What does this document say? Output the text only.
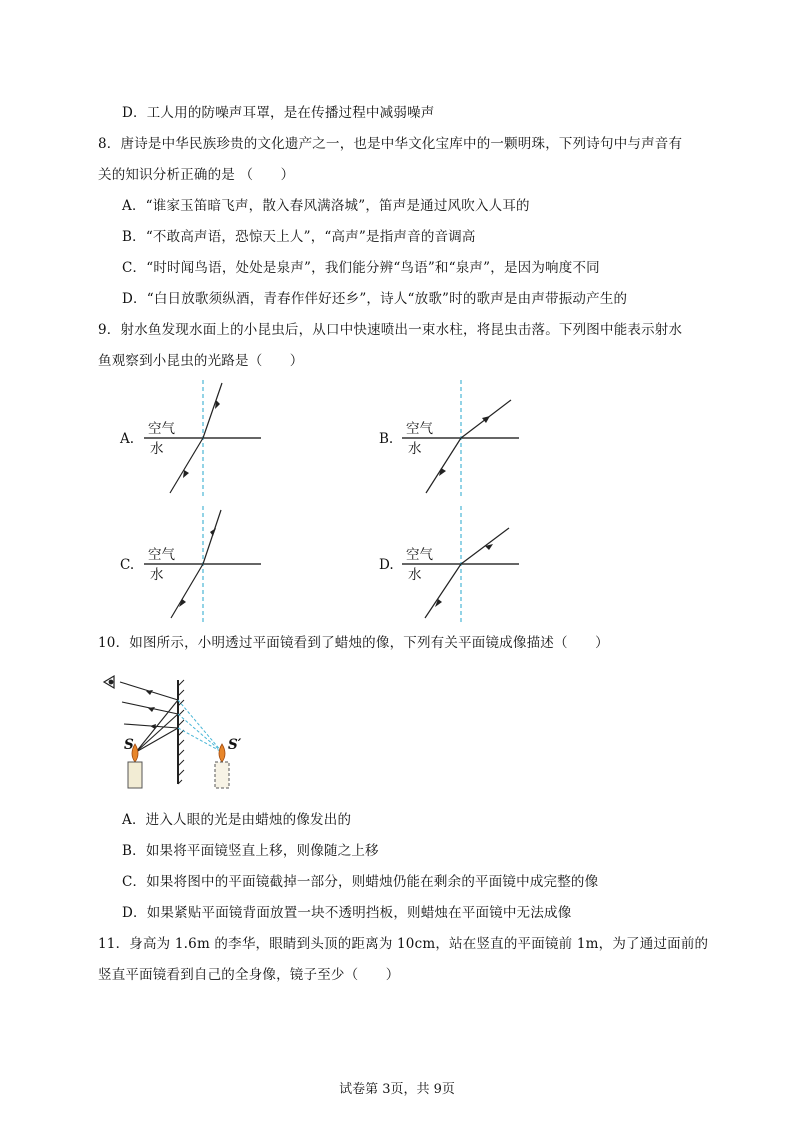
D．工人用的防噪声耳罩，是在传播过程中减弱噪声
8．唐诗是中华民族珍贵的文化遗产之一，也是中华文化宝库中的一颗明珠，下列诗句中与声音有
关的知识分析正确的是 （　　）
A．“谁家玉笛暗飞声，散入春风满洛城”，笛声是通过风吹入人耳的
B．“不敢高声语，恐惊天上人”，“高声”是指声音的音调高
C．“时时闻鸟语，处处是泉声”，我们能分辨“鸟语”和“泉声”，是因为响度不同
D．“白日放歌须纵酒，青春作伴好还乡”，诗人“放歌”时的歌声是由声带振动产生的
9．射水鱼发现水面上的小昆虫后，从口中快速喷出一束水柱，将昆虫击落。下列图中能表示射水
鱼观察到小昆虫的光路是（　　）
A.
空气
水
B.
空气
水
C.
空气
水
D.
空气
水
10．如图所示，小明透过平面镜看到了蜡烛的像，下列有关平面镜成像描述（　　）
S	S′
A．进入人眼的光是由蜡烛的像发出的
B．如果将平面镜竖直上移，则像随之上移
C．如果将图中的平面镜截掉一部分，则蜡烛仍能在剩余的平面镜中成完整的像
D．如果紧贴平面镜背面放置一块不透明挡板，则蜡烛在平面镜中无法成像
11．身高为 1.6m 的李华，眼睛到头顶的距离为 10cm，站在竖直的平面镜前 1m，为了通过面前的
竖直平面镜看到自己的全身像，镜子至少（　　）
试卷第 3页，共 9页
